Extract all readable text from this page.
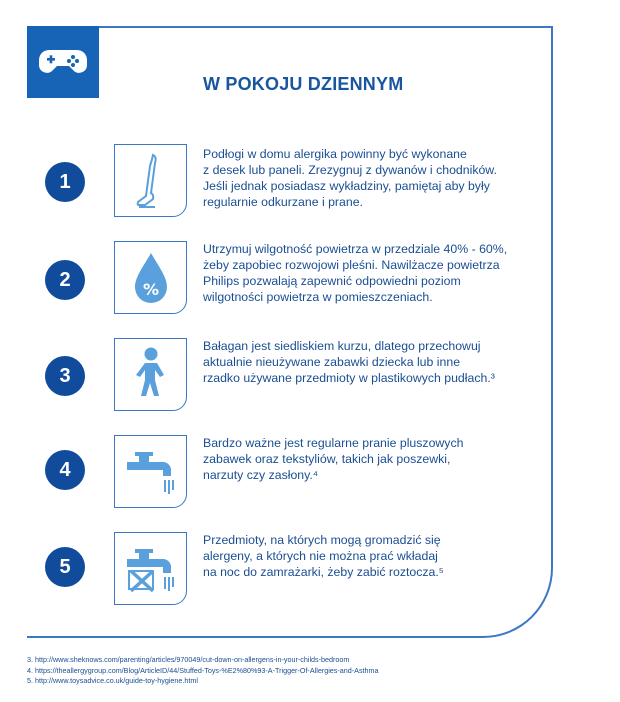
W POKOJU DZIENNYM
1
Podłogi w domu alergika powinny być wykonane
z desek lub paneli. Zrezygnuj z dywanów i chodników.
Jeśli jednak posiadasz wykładziny, pamiętaj aby były
regularnie odkurzane i prane.
2	%
Utrzymuj wilgotność powietrza w przedziale 40% - 60%,
żeby zapobiec rozwojowi pleśni. Nawilżacze powietrza
Philips pozwalają zapewnić odpowiedni poziom
wilgotności powietrza w pomieszczeniach.
3
Bałagan jest siedliskiem kurzu, dlatego przechowuj
aktualnie nieużywane zabawki dziecka lub inne
rzadko używane przedmioty w plastikowych pudłach.³
4
Bardzo ważne jest regularne pranie pluszowych
zabawek oraz tekstyliów, takich jak poszewki,
narzuty czy zasłony.⁴
5
Przedmioty, na których mogą gromadzić się
alergeny, a których nie można prać wkładaj
na noc do zamrażarki, żeby zabić roztocza.⁵
3. http://www.sheknows.com/parenting/articles/970049/cut-down-on-allergens-in-your-childs-bedroom
4. https://theallergygroup.com/Blog/ArticleID/44/Stuffed-Toys-%E2%80%93-A-Trigger-Of-Allergies-and-Asthma
5. http://www.toysadvice.co.uk/guide-toy-hygiene.html
